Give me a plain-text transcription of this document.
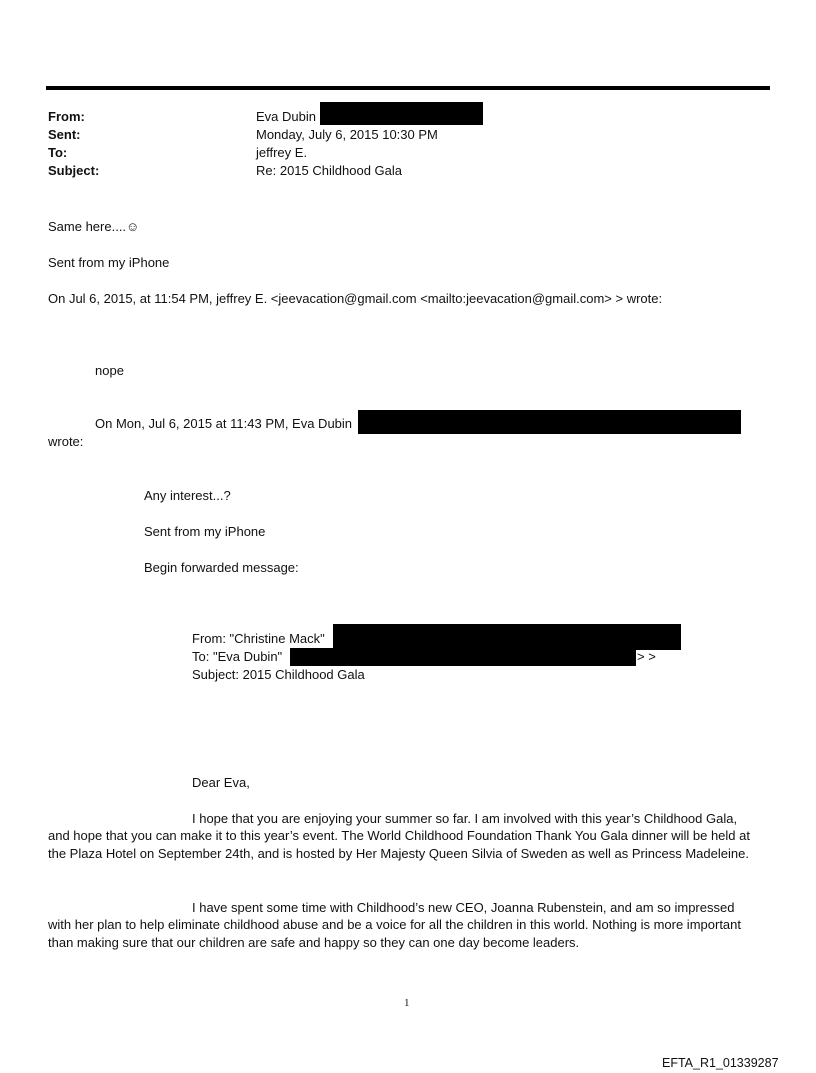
From:	Eva Dubin
Sent:	Monday, July 6, 2015 10:30 PM
To:	jeffrey E.
Subject:	Re: 2015 Childhood Gala
Same here....☺
Sent from my iPhone
On Jul 6, 2015, at 11:54 PM, jeffrey E. <jeevacation@gmail.com <mailto:jeevacation@gmail.com> > wrote:
nope
On Mon, Jul 6, 2015 at 11:43 PM, Eva Dubin
wrote:
Any interest...?
Sent from my iPhone
Begin forwarded message:
From: "Christine Mack"
To: "Eva Dubin"	> >
Subject: 2015 Childhood Gala
Dear Eva,
I hope that you are enjoying your summer so far. I am involved with this year’s Childhood Gala,
and hope that you can make it to this year’s event. The World Childhood Foundation Thank You Gala dinner will be held at the Plaza Hotel on September 24th, and is hosted by Her Majesty Queen Silvia of Sweden as well as Princess Madeleine.
I have spent some time with Childhood’s new CEO, Joanna Rubenstein, and am so impressed
with her plan to help eliminate childhood abuse and be a voice for all the children in this world. Nothing is more important than making sure that our children are safe and happy so they can one day become leaders.
1
EFTA_R1_01339287
